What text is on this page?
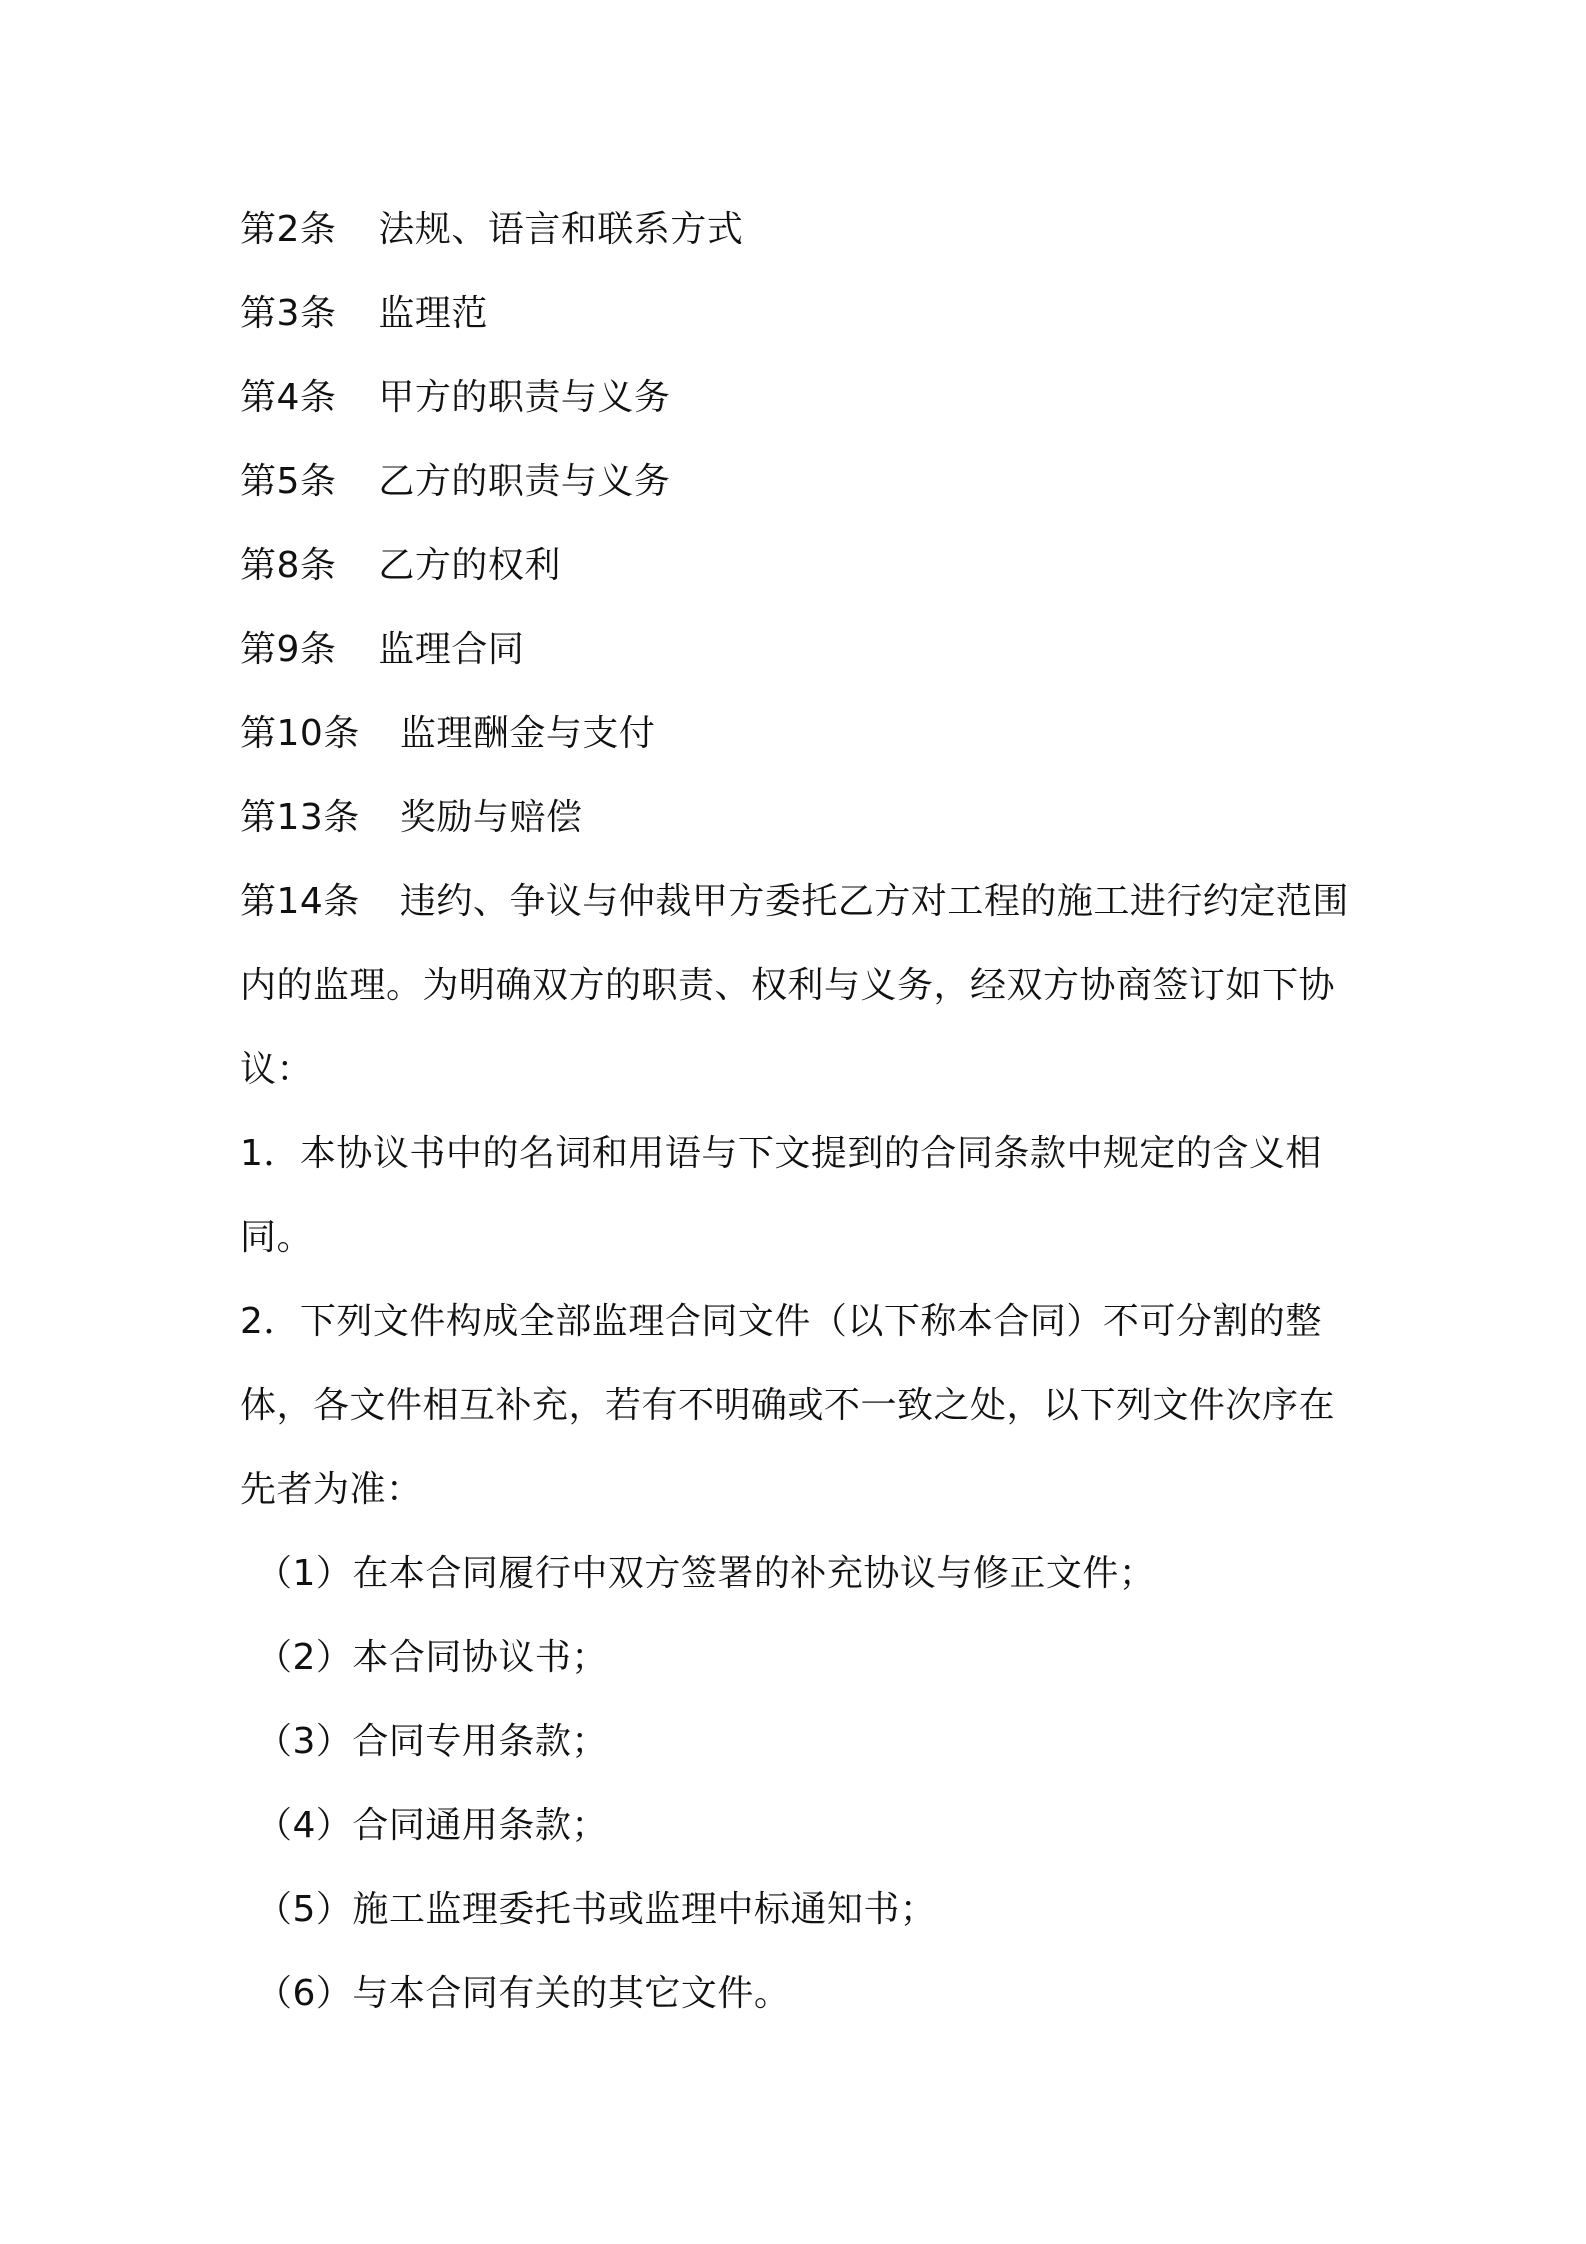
第2条 法规、语言和联系方式
第3条 监理范
第4条 甲方的职责与义务
第5条 乙方的职责与义务
第8条 乙方的权利
第9条 监理合同
第10条 监理酬金与支付
第13条 奖励与赔偿
第14条 违约、争议与仲裁甲方委托乙方对工程的施工进行约定范围
内的监理。为明确双方的职责、权利与义务，经双方协商签订如下协
议：
1．本协议书中的名词和用语与下文提到的合同条款中规定的含义相
同。
2．下列文件构成全部监理合同文件（以下称本合同）不可分割的整
体，各文件相互补充，若有不明确或不一致之处，以下列文件次序在
先者为准：
（1）在本合同履行中双方签署的补充协议与修正文件；
（2）本合同协议书；
（3）合同专用条款；
（4）合同通用条款；
（5）施工监理委托书或监理中标通知书；
（6）与本合同有关的其它文件。
